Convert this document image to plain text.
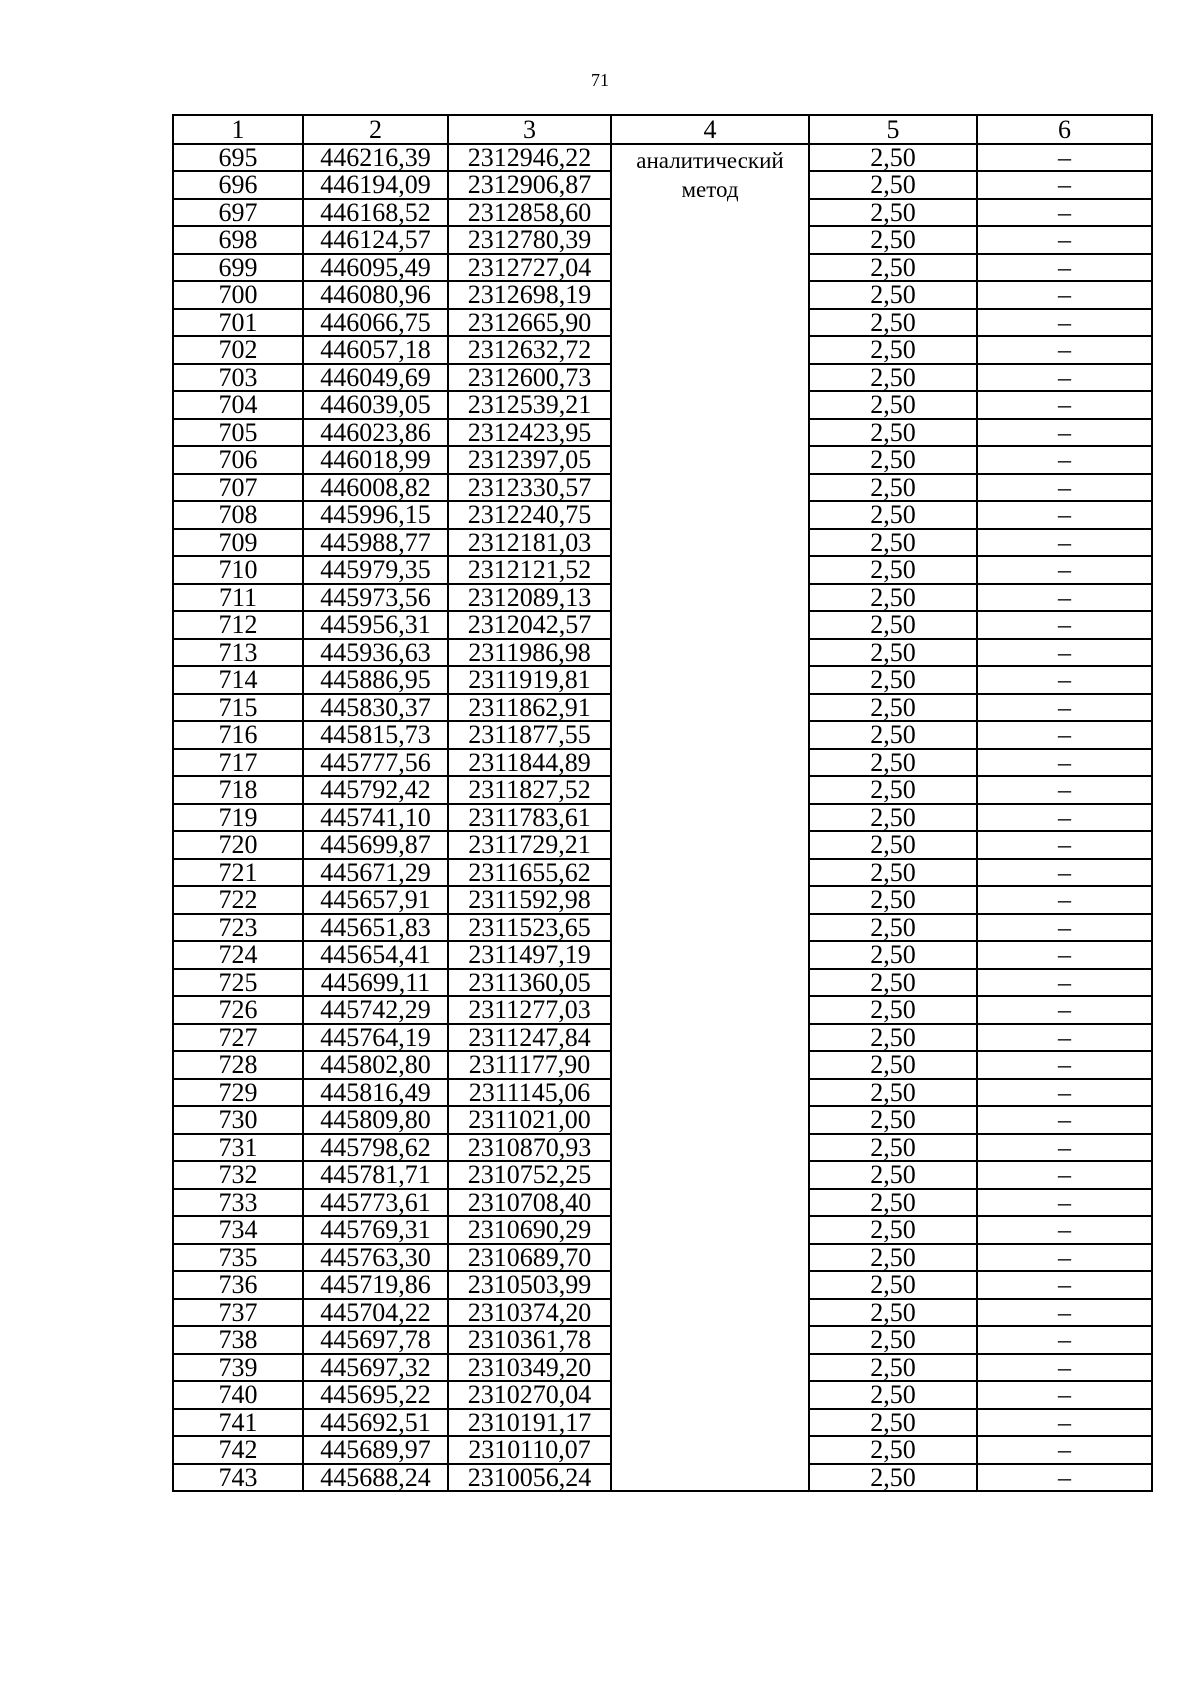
71
1	2	3	4	5	6
695	446216,39	2312946,22	аналитический метод	2,50	–
696	446194,09	2312906,87		2,50	–
697	446168,52	2312858,60		2,50	–
698	446124,57	2312780,39		2,50	–
699	446095,49	2312727,04		2,50	–
700	446080,96	2312698,19		2,50	–
701	446066,75	2312665,90		2,50	–
702	446057,18	2312632,72		2,50	–
703	446049,69	2312600,73		2,50	–
704	446039,05	2312539,21		2,50	–
705	446023,86	2312423,95		2,50	–
706	446018,99	2312397,05		2,50	–
707	446008,82	2312330,57		2,50	–
708	445996,15	2312240,75		2,50	–
709	445988,77	2312181,03		2,50	–
710	445979,35	2312121,52		2,50	–
711	445973,56	2312089,13		2,50	–
712	445956,31	2312042,57		2,50	–
713	445936,63	2311986,98		2,50	–
714	445886,95	2311919,81		2,50	–
715	445830,37	2311862,91		2,50	–
716	445815,73	2311877,55		2,50	–
717	445777,56	2311844,89		2,50	–
718	445792,42	2311827,52		2,50	–
719	445741,10	2311783,61		2,50	–
720	445699,87	2311729,21		2,50	–
721	445671,29	2311655,62		2,50	–
722	445657,91	2311592,98		2,50	–
723	445651,83	2311523,65		2,50	–
724	445654,41	2311497,19		2,50	–
725	445699,11	2311360,05		2,50	–
726	445742,29	2311277,03		2,50	–
727	445764,19	2311247,84		2,50	–
728	445802,80	2311177,90		2,50	–
729	445816,49	2311145,06		2,50	–
730	445809,80	2311021,00		2,50	–
731	445798,62	2310870,93		2,50	–
732	445781,71	2310752,25		2,50	–
733	445773,61	2310708,40		2,50	–
734	445769,31	2310690,29		2,50	–
735	445763,30	2310689,70		2,50	–
736	445719,86	2310503,99		2,50	–
737	445704,22	2310374,20		2,50	–
738	445697,78	2310361,78		2,50	–
739	445697,32	2310349,20		2,50	–
740	445695,22	2310270,04		2,50	–
741	445692,51	2310191,17		2,50	–
742	445689,97	2310110,07		2,50	–
743	445688,24	2310056,24		2,50	–
